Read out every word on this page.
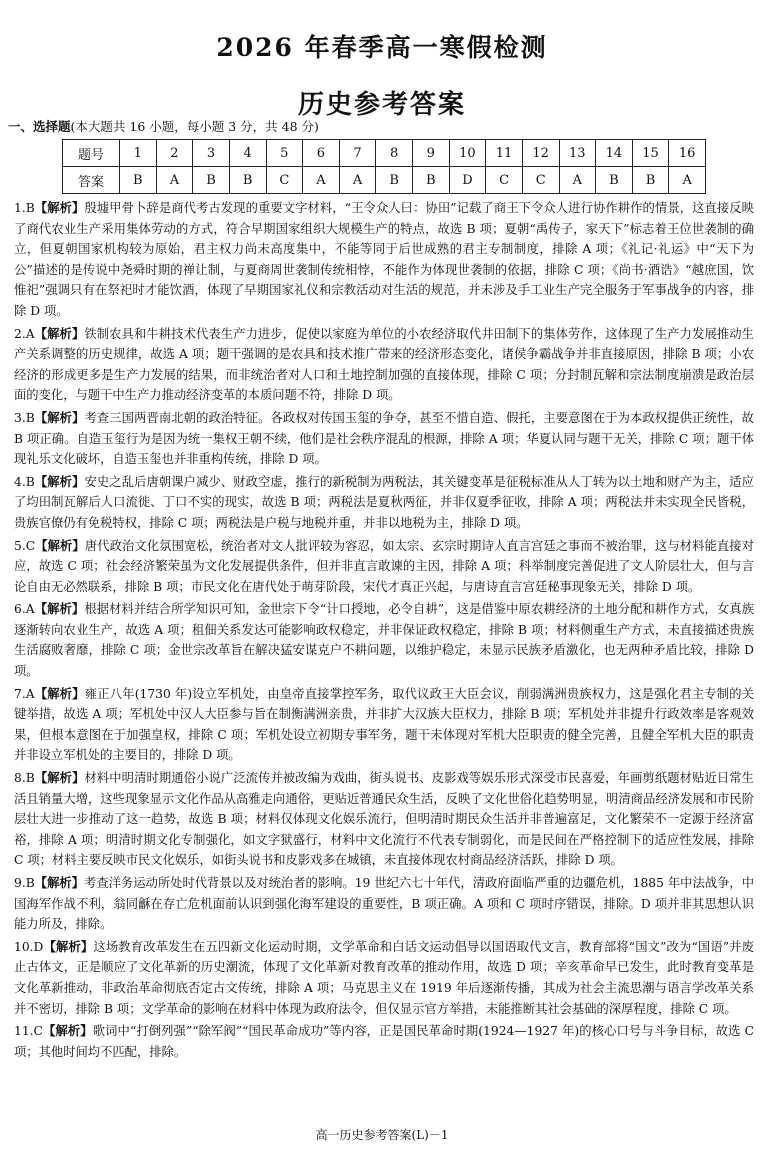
2026 年春季高一寒假检测
历史参考答案
一、选择题(本大题共 16 小题，每小题 3 分，共 48 分)
题号	1	2	3	4	5	6	7	8	9	10	11	12	13	14	15	16
答案	B	A	B	B	C	A	A	B	B	D	C	C	A	B	B	A

1.B【解析】殷墟甲骨卜辞是商代考古发现的重要文字材料，“王令众人曰：协田”记载了商王下令众人进行协作耕作的情景，这直接反映了商代农业生产采用集体劳动的方式，符合早期国家组织大规模生产的特点，故选 B 项；夏朝“禹传子，家天下”标志着王位世袭制的确立，但夏朝国家机构较为原始，君主权力尚未高度集中，不能等同于后世成熟的君主专制制度，排除 A 项；《礼记·礼运》中“天下为公”描述的是传说中尧舜时期的禅让制，与夏商周世袭制传统相悖，不能作为体现世袭制的依据，排除 C 项；《尚书·酒诰》“越庶国，饮惟祀”强调只有在祭祀时才能饮酒，体现了早期国家礼仪和宗教活动对生活的规范，并未涉及手工业生产完全服务于军事战争的内容，排除 D 项。

2.A【解析】铁制农具和牛耕技术代表生产力进步，促使以家庭为单位的小农经济取代井田制下的集体劳作，这体现了生产力发展推动生产关系调整的历史规律，故选 A 项；题干强调的是农具和技术推广带来的经济形态变化，诸侯争霸战争并非直接原因，排除 B 项；小农经济的形成更多是生产力发展的结果，而非统治者对人口和土地控制加强的直接体现，排除 C 项；分封制瓦解和宗法制度崩溃是政治层面的变化，与题干中生产力推动经济变革的本质问题不符，排除 D 项。

3.B【解析】考查三国两晋南北朝的政治特征。各政权对传国玉玺的争夺，甚至不惜自造、假托，主要意图在于为本政权提供正统性，故 B 项正确。自造玉玺行为是因为统一集权王朝不续，他们是社会秩序混乱的根源，排除 A 项；华夏认同与题干无关，排除 C 项；题干体现礼乐文化破坏，自造玉玺也并非重构传统，排除 D 项。

4.B【解析】安史之乱后唐朝课户减少、财政空虚，推行的新税制为两税法，其关键变革是征税标准从人丁转为以土地和财产为主，适应了均田制瓦解后人口流徙、丁口不实的现实，故选 B 项；两税法是夏秋两征，并非仅夏季征收，排除 A 项；两税法并未实现全民皆税，贵族官僚仍有免税特权，排除 C 项；两税法是户税与地税并重，并非以地税为主，排除 D 项。

5.C【解析】唐代政治文化氛围宽松，统治者对文人批评较为容忍，如太宗、玄宗时期诗人直言宫廷之事而不被治罪，这与材料能直接对应，故选 C 项；社会经济繁荣虽为文化发展提供条件，但并非直言敢谏的主因，排除 A 项；科举制度完善促进了文人阶层壮大，但与言论自由无必然联系，排除 B 项；市民文化在唐代处于萌芽阶段，宋代才真正兴起，与唐诗直言宫廷秘事现象无关，排除 D 项。

6.A【解析】根据材料并结合所学知识可知，金世宗下令“计口授地，必令自耕”，这是借鉴中原农耕经济的土地分配和耕作方式，女真族逐渐转向农业生产，故选 A 项；租佃关系发达可能影响政权稳定，并非保证政权稳定，排除 B 项；材料侧重生产方式，未直接描述贵族生活腐败奢靡，排除 C 项；金世宗改革旨在解决猛安谋克户不耕问题，以维护稳定，未显示民族矛盾激化，也无两种矛盾比较，排除 D 项。

7.A【解析】雍正八年(1730 年)设立军机处，由皇帝直接掌控军务，取代议政王大臣会议，削弱满洲贵族权力，这是强化君主专制的关键举措，故选 A 项；军机处中汉人大臣参与旨在制衡满洲亲贵，并非扩大汉族大臣权力，排除 B 项；军机处并非提升行政效率是客观效果，但根本意图在于加强皇权，排除 C 项；军机处设立初期专事军务，题干未体现对军机大臣职责的健全完善，且健全军机大臣的职责并非设立军机处的主要目的，排除 D 项。

8.B【解析】材料中明清时期通俗小说广泛流传并被改编为戏曲，街头说书、皮影戏等娱乐形式深受市民喜爱，年画剪纸题材贴近日常生活且销量大增，这些现象显示文化作品从高雅走向通俗，更贴近普通民众生活，反映了文化世俗化趋势明显，明清商品经济发展和市民阶层壮大进一步推动了这一趋势，故选 B 项；材料仅体现文化娱乐流行，但明清时期民众生活并非普遍富足，文化繁荣不一定源于经济富裕，排除 A 项；明清时期文化专制强化，如文字狱盛行，材料中文化流行不代表专制弱化，而是民间在严格控制下的适应性发展，排除 C 项；材料主要反映市民文化娱乐，如街头说书和皮影戏多在城镇，未直接体现农村商品经济活跃，排除 D 项。

9.B【解析】考查洋务运动所处时代背景以及对统治者的影响。19 世纪六七十年代，清政府面临严重的边疆危机，1885 年中法战争，中国海军作战不利，翁同龢在存亡危机面前认识到强化海军建设的重要性，B 项正确。A 项和 C 项时序错误，排除。D 项并非其思想认识能力所及，排除。

10.D【解析】这场教育改革发生在五四新文化运动时期，文学革命和白话文运动倡导以国语取代文言，教育部将“国文”改为“国语”并废止古体文，正是顺应了文化革新的历史潮流，体现了文化革新对教育改革的推动作用，故选 D 项；辛亥革命早已发生，此时教育变革是文化革新推动，非政治革命彻底否定古文传统，排除 A 项；马克思主义在 1919 年后逐渐传播，其成为社会主流思潮与语言学改革关系并不密切，排除 B 项；文学革命的影响在材料中体现为政府法令，但仅显示官方举措，未能推断其社会基础的深厚程度，排除 C 项。

11.C【解析】歌词中“打倒列强”“除军阀”“国民革命成功”等内容，正是国民革命时期(1924—1927 年)的核心口号与斗争目标，故选 C 项；其他时间均不匹配，排除。

高一历史参考答案(L)－1
